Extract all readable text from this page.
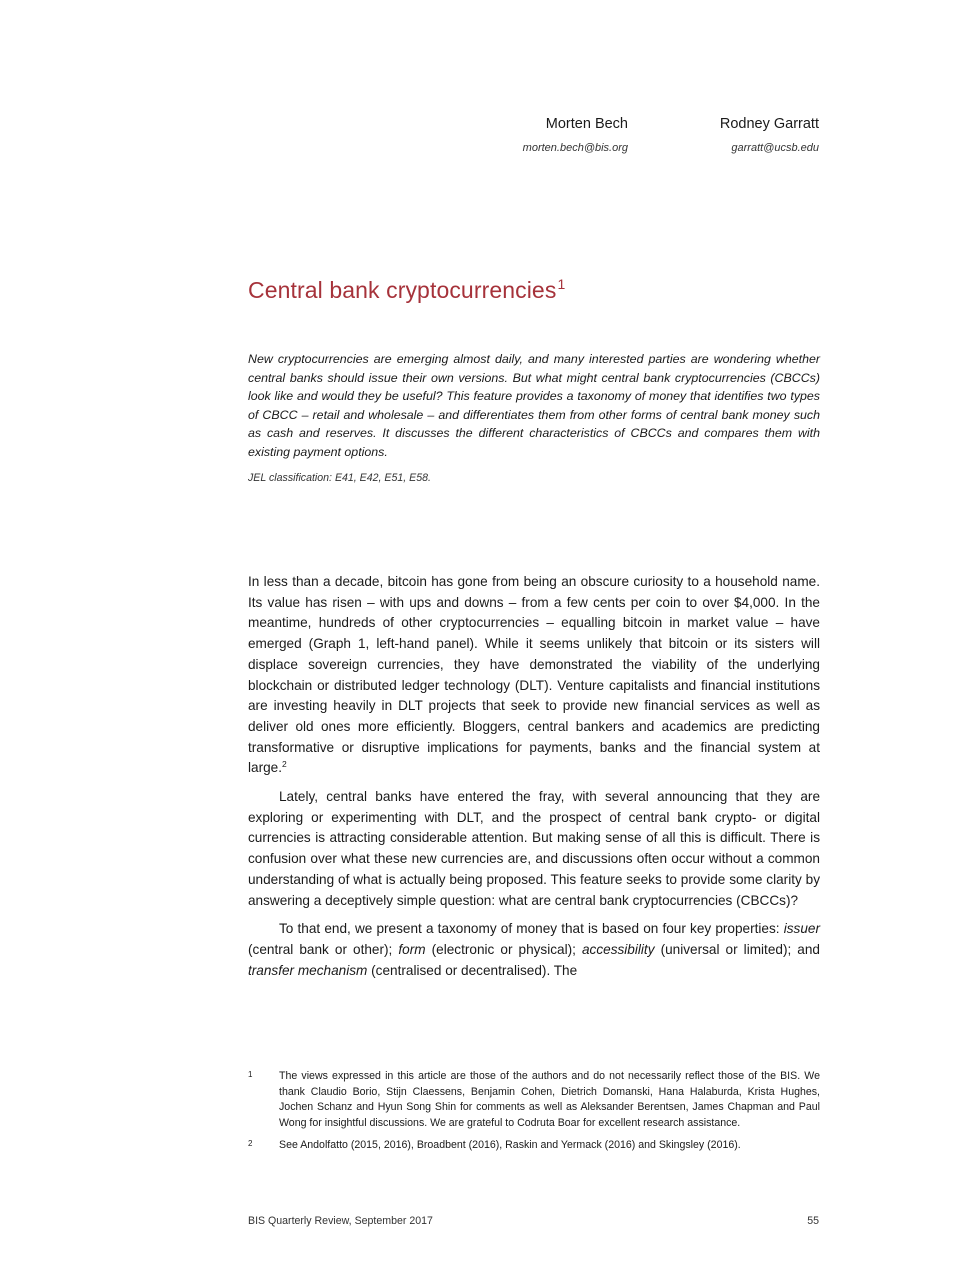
Morten Bech
morten.bech@bis.org
Rodney Garratt
garratt@ucsb.edu
Central bank cryptocurrencies$^1$
New cryptocurrencies are emerging almost daily, and many interested parties are wondering whether central banks should issue their own versions. But what might central bank cryptocurrencies (CBCCs) look like and would they be useful? This feature provides a taxonomy of money that identifies two types of CBCC – retail and wholesale – and differentiates them from other forms of central bank money such as cash and reserves. It discusses the different characteristics of CBCCs and compares them with existing payment options.
JEL classification: E41, E42, E51, E58.

In less than a decade, bitcoin has gone from being an obscure curiosity to a household name. Its value has risen – with ups and downs – from a few cents per coin to over $4,000. In the meantime, hundreds of other cryptocurrencies – equalling bitcoin in market value – have emerged (Graph 1, left-hand panel). While it seems unlikely that bitcoin or its sisters will displace sovereign currencies, they have demonstrated the viability of the underlying blockchain or distributed ledger technology (DLT). Venture capitalists and financial institutions are investing heavily in DLT projects that seek to provide new financial services as well as deliver old ones more efficiently. Bloggers, central bankers and academics are predicting transformative or disruptive implications for payments, banks and the financial system at large.$^2$

Lately, central banks have entered the fray, with several announcing that they are exploring or experimenting with DLT, and the prospect of central bank crypto- or digital currencies is attracting considerable attention. But making sense of all this is difficult. There is confusion over what these new currencies are, and discussions often occur without a common understanding of what is actually being proposed. This feature seeks to provide some clarity by answering a deceptively simple question: what are central bank cryptocurrencies (CBCCs)?

To that end, we present a taxonomy of money that is based on four key properties: issuer (central bank or other); form (electronic or physical); accessibility (universal or limited); and transfer mechanism (centralised or decentralised). The

1	The views expressed in this article are those of the authors and do not necessarily reflect those of the BIS. We thank Claudio Borio, Stijn Claessens, Benjamin Cohen, Dietrich Domanski, Hana Halaburda, Krista Hughes, Jochen Schanz and Hyun Song Shin for comments as well as Aleksander Berentsen, James Chapman and Paul Wong for insightful discussions. We are grateful to Codruta Boar for excellent research assistance.
2	See Andolfatto (2015, 2016), Broadbent (2016), Raskin and Yermack (2016) and Skingsley (2016).
BIS Quarterly Review, September 2017	55
